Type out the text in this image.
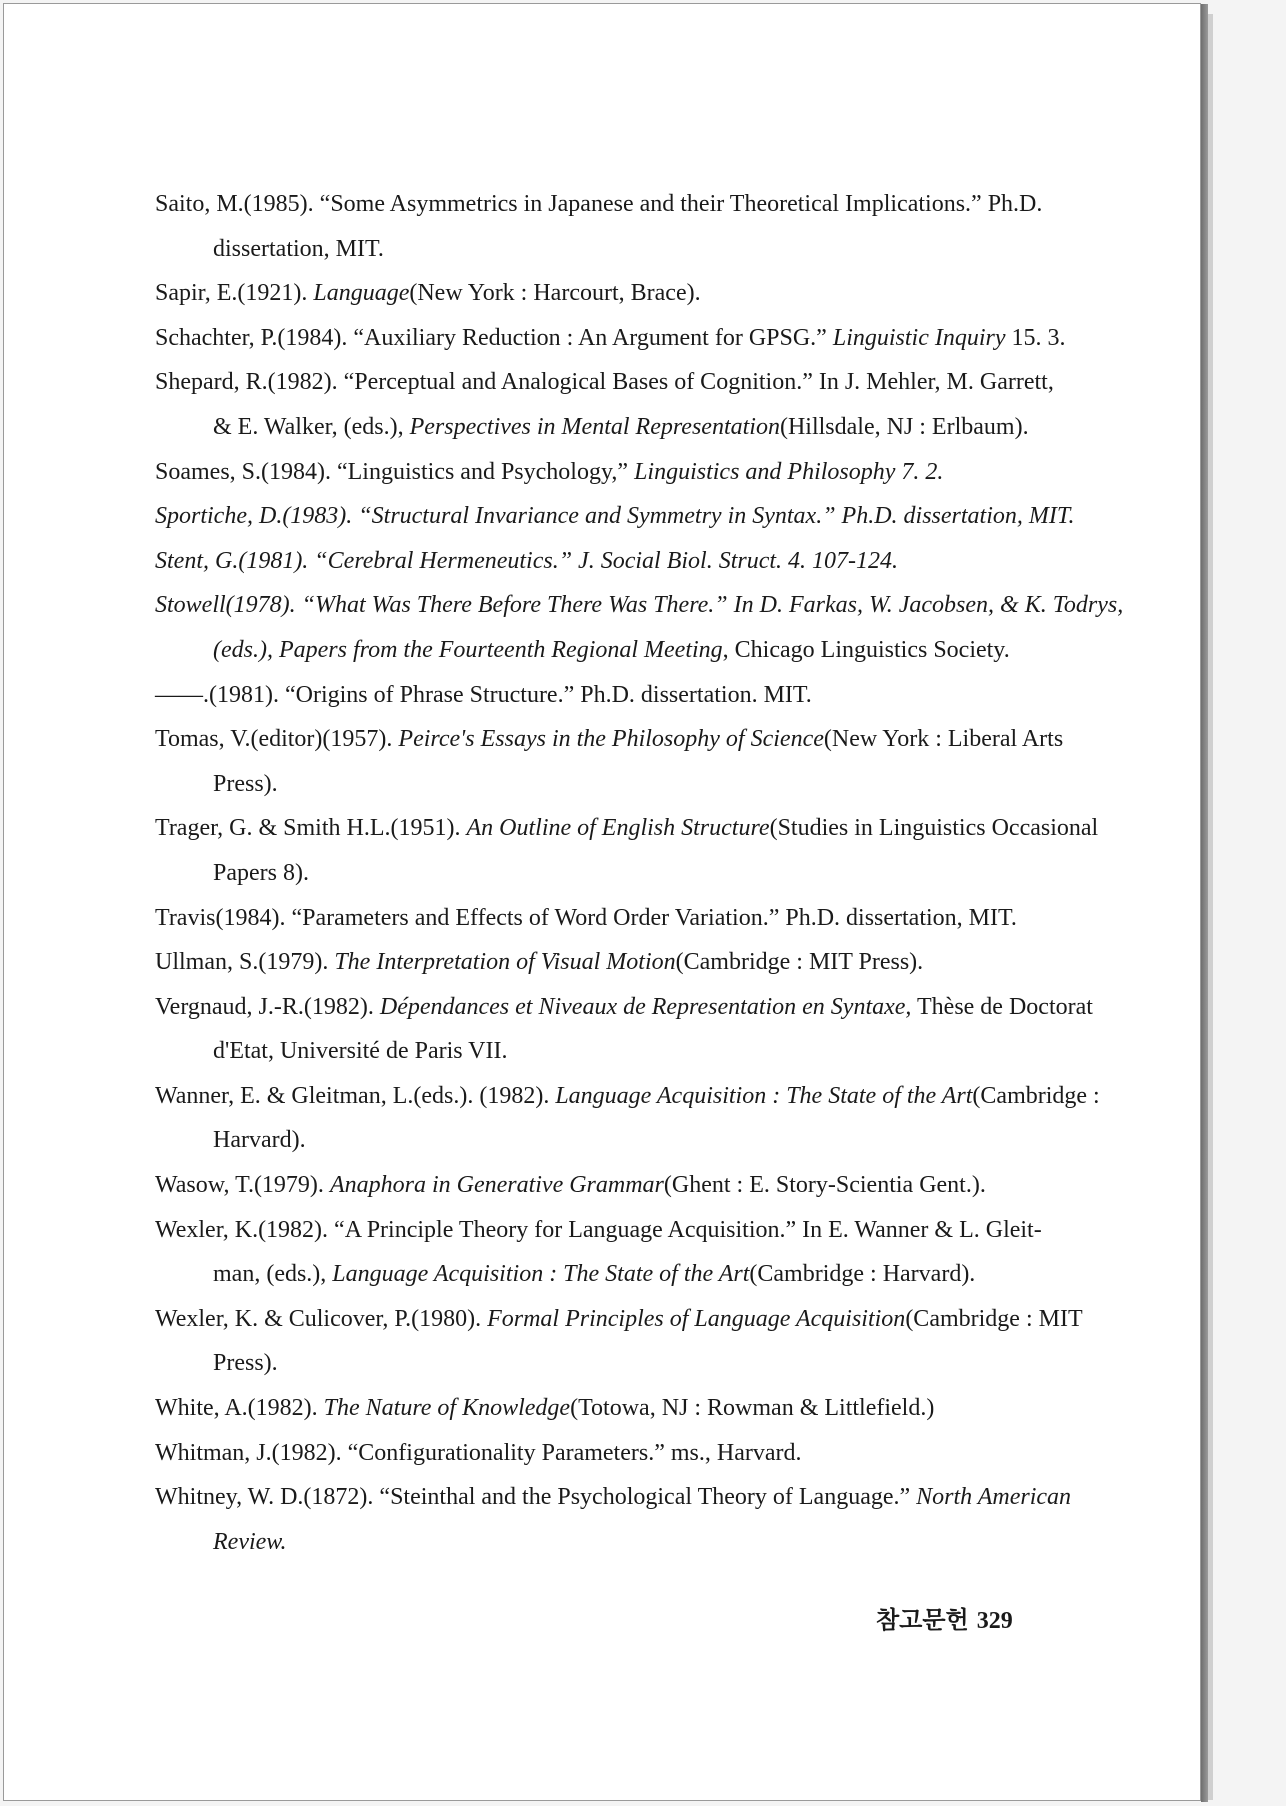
Saito, M.(1985). “Some Asymmetrics in Japanese and their Theoretical Implications.” Ph.D.
dissertation, MIT.
Sapir, E.(1921). Language(New York : Harcourt, Brace).
Schachter, P.(1984). “Auxiliary Reduction : An Argument for GPSG.” Linguistic Inquiry 15. 3.
Shepard, R.(1982). “Perceptual and Analogical Bases of Cognition.” In J. Mehler, M. Garrett,
& E. Walker, (eds.), Perspectives in Mental Representation(Hillsdale, NJ : Erlbaum).
Soames, S.(1984). “Linguistics and Psychology,” Linguistics and Philosophy 7. 2.
Sportiche, D.(1983). “Structural Invariance and Symmetry in Syntax.” Ph.D. dissertation, MIT.
Stent, G.(1981). “Cerebral Hermeneutics.” J. Social Biol. Struct. 4. 107-124.
Stowell(1978). “What Was There Before There Was There.” In D. Farkas, W. Jacobsen, & K. Todrys,
(eds.), Papers from the Fourteenth Regional Meeting, Chicago Linguistics Society.
——.(1981). “Origins of Phrase Structure.” Ph.D. dissertation. MIT.
Tomas, V.(editor)(1957). Peirce's Essays in the Philosophy of Science(New York : Liberal Arts
Press).
Trager, G. & Smith H.L.(1951). An Outline of English Structure(Studies in Linguistics Occasional
Papers 8).
Travis(1984). “Parameters and Effects of Word Order Variation.” Ph.D. dissertation, MIT.
Ullman, S.(1979). The Interpretation of Visual Motion(Cambridge : MIT Press).
Vergnaud, J.-R.(1982). Dépendances et Niveaux de Representation en Syntaxe, Thèse de Doctorat
d'Etat, Université de Paris VII.
Wanner, E. & Gleitman, L.(eds.). (1982). Language Acquisition : The State of the Art(Cambridge :
Harvard).
Wasow, T.(1979). Anaphora in Generative Grammar(Ghent : E. Story-Scientia Gent.).
Wexler, K.(1982). “A Principle Theory for Language Acquisition.” In E. Wanner & L. Gleit-
man, (eds.), Language Acquisition : The State of the Art(Cambridge : Harvard).
Wexler, K. & Culicover, P.(1980). Formal Principles of Language Acquisition(Cambridge : MIT
Press).
White, A.(1982). The Nature of Knowledge(Totowa, NJ : Rowman & Littlefield.)
Whitman, J.(1982). “Configurationality Parameters.” ms., Harvard.
Whitney, W. D.(1872). “Steinthal and the Psychological Theory of Language.” North American
Review.
참고문헌 329
